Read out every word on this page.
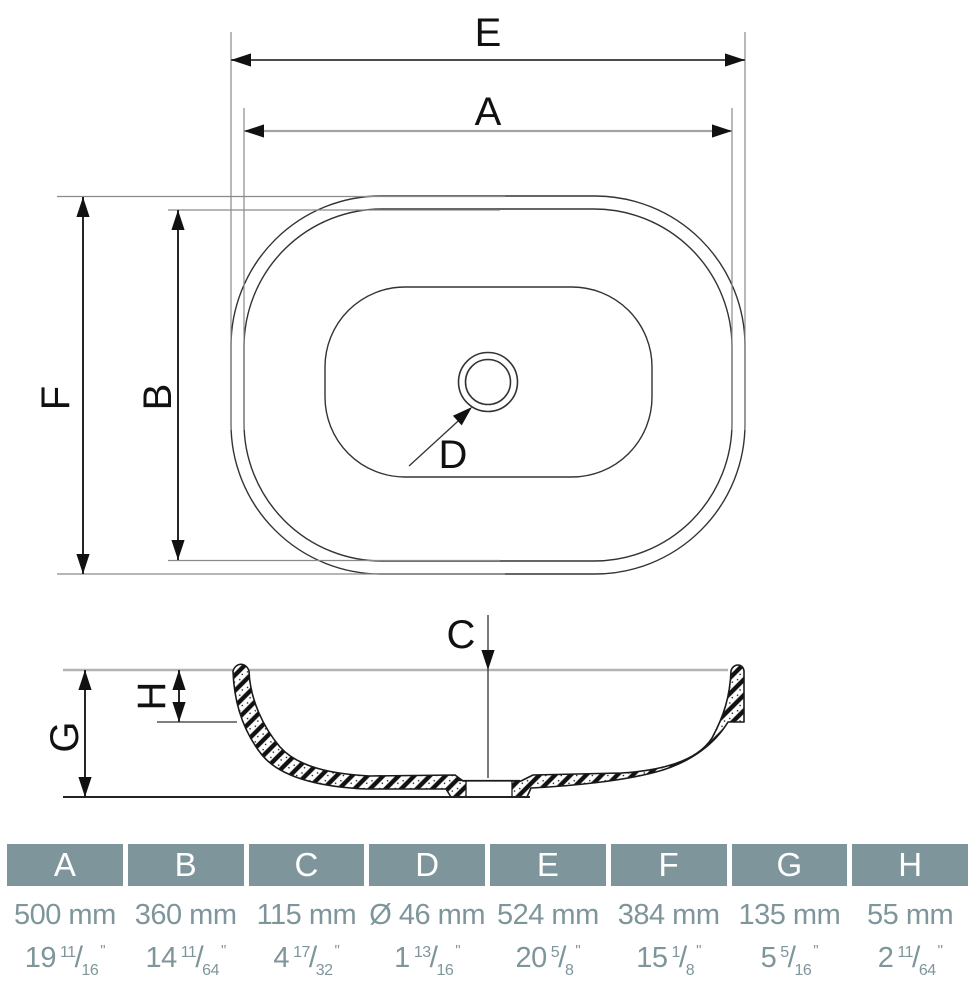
E
A
F B
D
C
G
H
A
500 mm
19 $^{11}/_{16}^"$
B
360 mm
14 $^{11}/_{64}^"$
C
115 mm
4 $^{17}/_{32}^"$
D
Ø 46 mm
1 $^{13}/_{16}^"$
E
524 mm
20 $^5/_8^"$
F
384 mm
15 $^1/_8^"$
G
135 mm
5 $^5/_{16}^"$
H
55 mm
2 $^{11}/_{64}^"$
